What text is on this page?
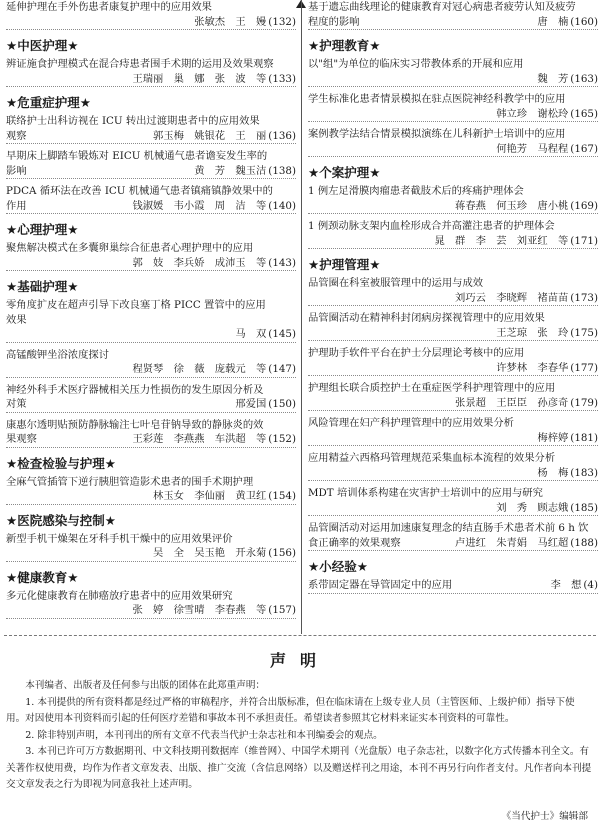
延伸护理在手外伤患者康复护理中的应用效果
张敏杰　王　嫚 (132)
★中医护理★
辨证施食护理模式在混合痔患者围手术期的运用及效果观察
王瑞丽　巢　娜　张　波　等 (133)
★危重症护理★
联络护士出科访视在 ICU 转出过渡期患者中的应用效果
观察	郭玉梅　姚银花　王　丽 (136)
早期床上脚踏车锻炼对 EICU 机械通气患者谵妄发生率的
影响	黄　芳　魏玉洁 (138)
PDCA 循环法在改善 ICU 机械通气患者镇痛镇静效果中的
作用	钱淑媛　韦小霞　周　洁　等 (140)
★心理护理★
聚焦解决模式在多囊卵巢综合征患者心理护理中的应用
郭　妓　李兵娇　成沛玉　等 (143)
★基础护理★
零角度扩皮在超声引导下改良塞丁格 PICC 置管中的应用
效果
马　双 (145)
高锰酸钾坐浴浓度探讨
程贤琴　徐　薇　庞载元　等 (147)
神经外科手术医疗器械相关压力性损伤的发生原因分析及
对策	邢爱国 (150)
康惠尔透明贴预防静脉输注七叶皂苷钠导致的静脉炎的效
果观察	王彩莲　李燕燕　车洪超　等 (152)
★检查检验与护理★
全麻气管插管下逆行胰胆管造影术患者的围手术期护理
林玉女　李仙丽　黄卫红 (154)
★医院感染与控制★
新型手机干燥架在牙科手机干燥中的应用效果评价
吴　全　吴玉艳　开永菊 (156)
★健康教育★
多元化健康教育在肺癌放疗患者中的应用效果研究
张　婷　徐雪晴　李春燕　等 (157)
基于遗忘曲线理论的健康教育对冠心病患者疲劳认知及疲劳
程度的影响	唐　楠 (160)
★护理教育★
以"组"为单位的临床实习带教体系的开展和应用
魏　芳 (163)
学生标准化患者情景模拟在驻点医院神经科教学中的应用
韩立珍　谢松玲 (165)
案例教学法结合情景模拟演练在儿科新护士培训中的应用
何艳芳　马程程 (167)
★个案护理★
1 例左足滑膜肉瘤患者截肢术后的疼痛护理体会
蒋春燕　何玉珍　唐小桃 (169)
1 例颈动脉支架内血栓形成合并高灌注患者的护理体会
晁　群　李　芸　刘亚红　等 (171)
★护理管理★
品管圈在科室被服管理中的运用与成效
刘巧云　李晓辉　褚苗苗 (173)
品管圈活动在精神科封闭病房探视管理中的应用效果
王芝琼　张　玲 (175)
护理助手软件平台在护士分层理论考核中的应用
许梦林　李春华 (177)
护理组长联合质控护士在重症医学科护理管理中的应用
张景超　王臣臣　孙彦奇 (179)
风险管理在妇产科护理管理中的应用效果分析
梅梓婷 (181)
应用精益六西格玛管理规范采集血标本流程的效果分析
杨　梅 (183)
MDT 培训体系构建在灾害护士培训中的应用与研究
刘　秀　顾志娥 (185)
品管圈活动对运用加速康复理念的结直肠手术患者术前 6 h 饮
食正确率的效果观察	卢进红　朱青娟　马红超 (188)
★小经验★
系带固定器在导管固定中的应用	李　想 (4)
声明

本刊编者、出版者及任何参与出版的团体在此郑重声明：

1. 本刊提供的所有资料都是经过严格的审稿程序，并符合出版标准，但在临床请在上级专业人员（主管医师、上级护师）指导下使用。对因使用本刊资料而引起的任何医疗差错和事故本刊不承担责任。希望读者参照其它材料来证实本刊资料的可靠性。

2. 除非特别声明，本刊刊出的所有文章不代表当代护士杂志社和本刊编委会的观点。

3. 本刊已许可万方数据期刊、中文科技期刊数据库（维普网）、中国学术期刊（光盘版）电子杂志社，以数字化方式传播本刊全文。有关著作权使用费，均作为作者文章发表、出版、推广交流（含信息网络）以及赠送样刊之用途，本刊不再另行向作者支付。凡作者向本刊提交文章发表之行为即视为同意我社上述声明。

《当代护士》编辑部
